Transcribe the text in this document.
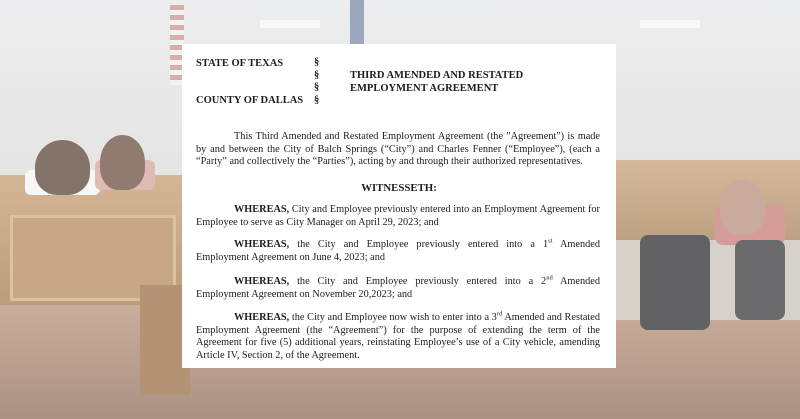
STATE OF TEXAS
COUNTY OF DALLAS
§
§
§
§
THIRD AMENDED AND RESTATED
EMPLOYMENT AGREEMENT
This Third Amended and Restated Employment Agreement (the "Agreement") is made by and between the City of Balch Springs (“City”) and Charles Fenner (“Employee”), (each a “Party” and collectively the “Parties”), acting by and through their authorized representatives.
WITNESSETH:
WHEREAS, City and Employee previously entered into an Employment Agreement for Employee to serve as City Manager on April 29, 2023; and
WHEREAS, the City and Employee previously entered into a 1st Amended Employment Agreement on June 4, 2023; and
WHEREAS, the City and Employee previously entered into a 2nd Amended Employment Agreement on November 20,2023; and
WHEREAS, the City and Employee now wish to enter into a 3rd Amended and Restated Employment Agreement (the “Agreement”) for the purpose of extending the term of the Agreement for five (5) additional years, reinstating Employee’s use of a City vehicle, amending Article IV, Section 2, of the Agreement.
